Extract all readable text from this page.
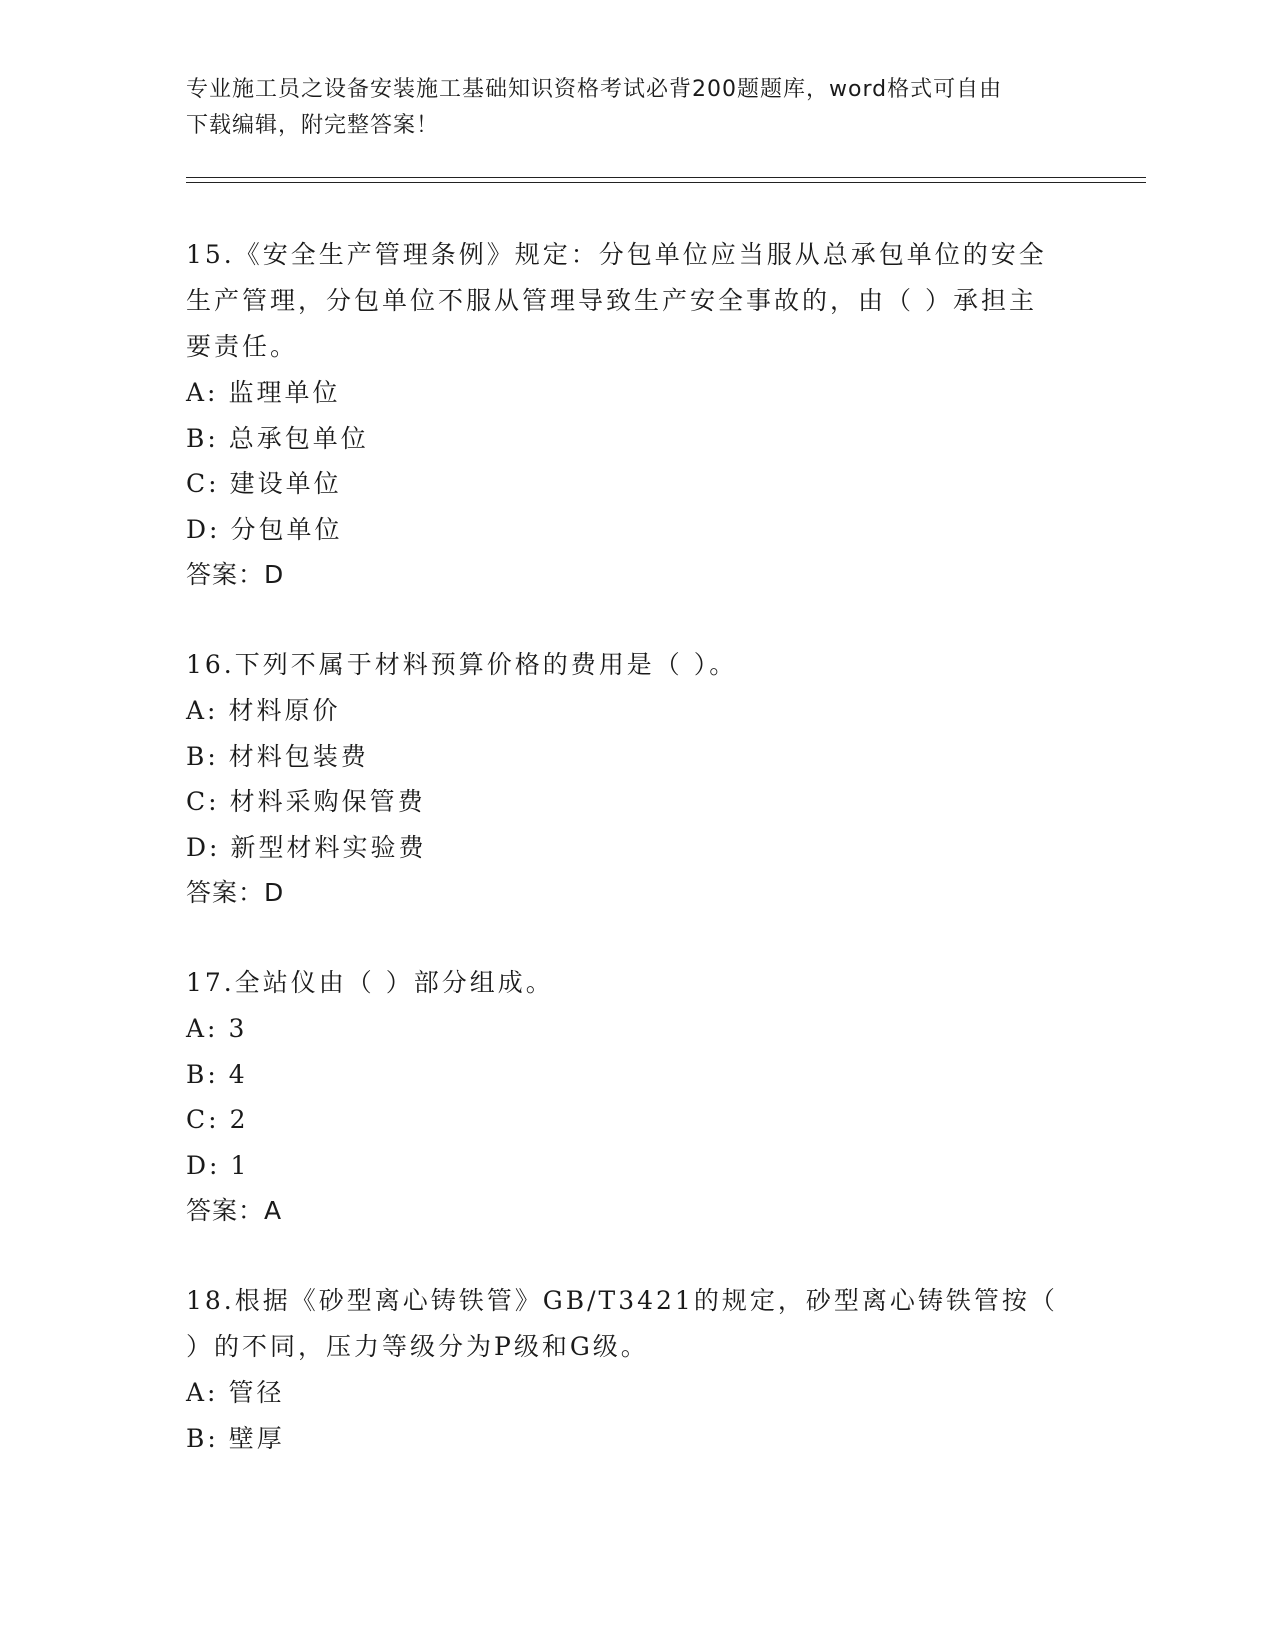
专业施工员之设备安装施工基础知识资格考试必背200题题库，word格式可自由
下载编辑，附完整答案！

15.《安全生产管理条例》规定：分包单位应当服从总承包单位的安全
生产管理，分包单位不服从管理导致生产安全事故的，由（ ）承担主
要责任。

A: 监理单位

B: 总承包单位

C: 建设单位

D: 分包单位

答案：D

16.下列不属于材料预算价格的费用是（ ）。

A: 材料原价

B: 材料包装费

C: 材料采购保管费

D: 新型材料实验费

答案：D

17.全站仪由（ ）部分组成。

A: 3

B: 4

C: 2

D: 1

答案：A

18.根据《砂型离心铸铁管》GB/T3421的规定，砂型离心铸铁管按（
）的不同，压力等级分为P级和G级。

A: 管径

B: 壁厚
